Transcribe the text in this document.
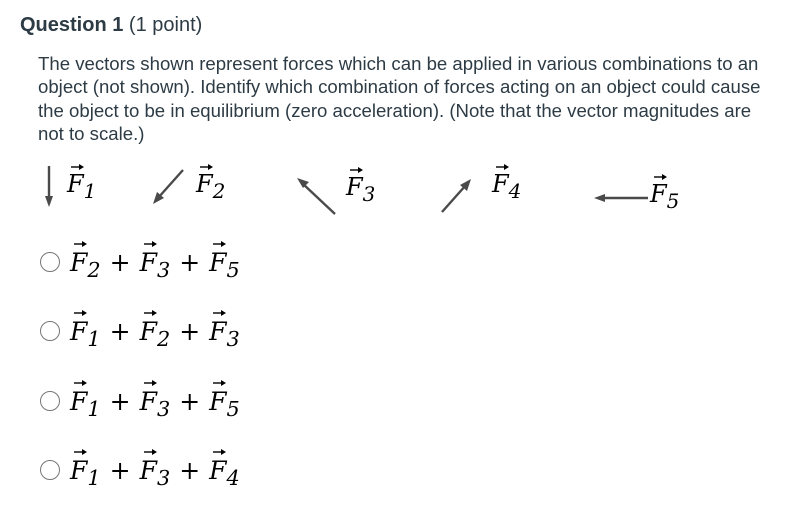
Question 1 (1 point)
The vectors shown represent forces which can be applied in various combinations to an object (not shown). Identify which combination of forces acting on an object could cause the object to be in equilibrium (zero acceleration). (Note that the vector magnitudes are not to scale.)
F
$_1$	F
$_2$	F
$_3$	F
$_4$	F
$_5$
F
$_2$ + F
$_3$ + F
$_5$
F
$_1$ + F
$_2$ + F
$_3$
F
$_1$ + F
$_3$ + F
$_5$
F
$_1$ + F
$_3$ + F
$_4$
